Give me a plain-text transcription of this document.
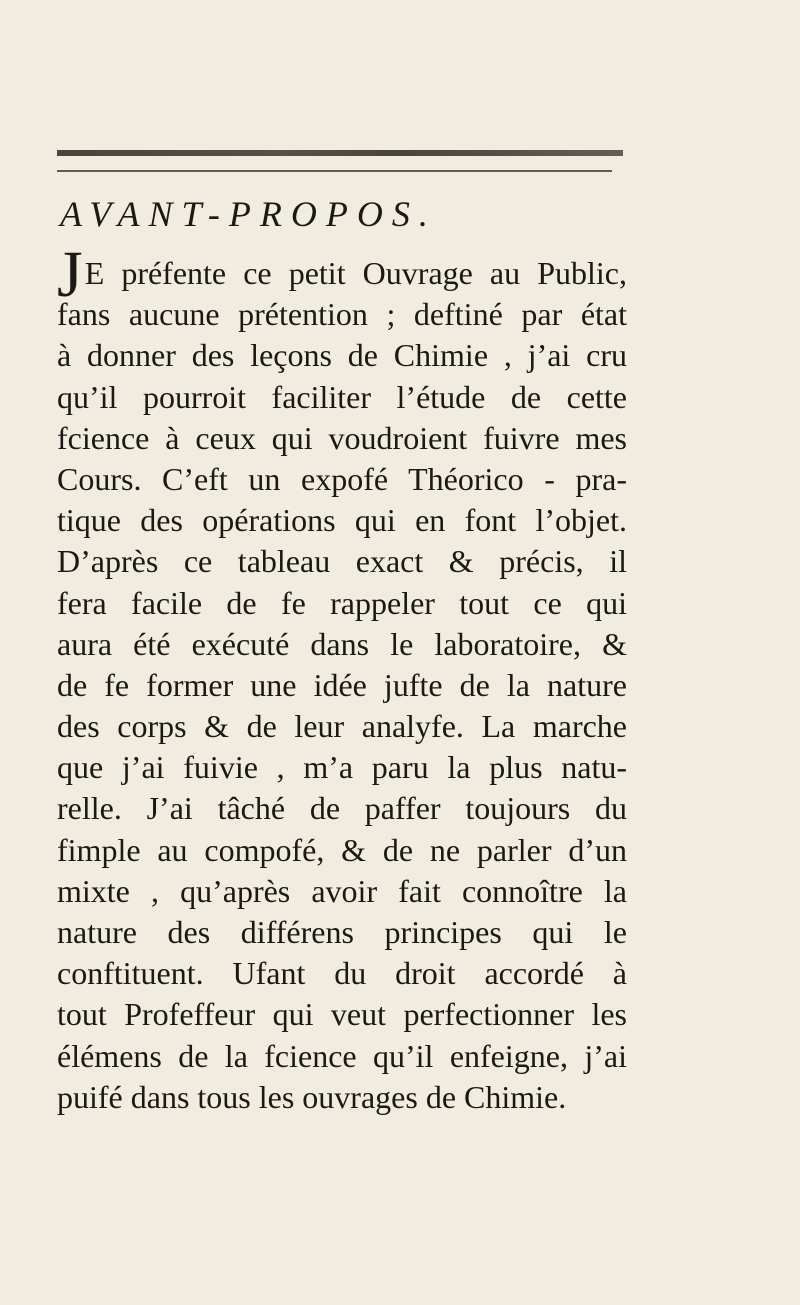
AVANT-PROPOS.
JE préfente ce petit Ouvrage au Public,
fans aucune prétention ; deftiné par état
à donner des leçons de Chimie , j’ai cru
qu’il pourroit faciliter l’étude de cette
fcience à ceux qui voudroient fuivre mes
Cours. C’eft un expofé Théorico - pra-
tique des opérations qui en font l’objet.
D’après ce tableau exact & précis, il
fera facile de fe rappeler tout ce qui
aura été exécuté dans le laboratoire, &
de fe former une idée jufte de la nature
des corps & de leur analyfe. La marche
que j’ai fuivie , m’a paru la plus natu-
relle. J’ai tâché de paffer toujours du
fimple au compofé, & de ne parler d’un
mixte , qu’après avoir fait connoître la
nature des différens principes qui le
conftituent. Ufant du droit accordé à
tout Profeffeur qui veut perfectionner les
élémens de la fcience qu’il enfeigne, j’ai
puifé dans tous les ouvrages de Chimie.
